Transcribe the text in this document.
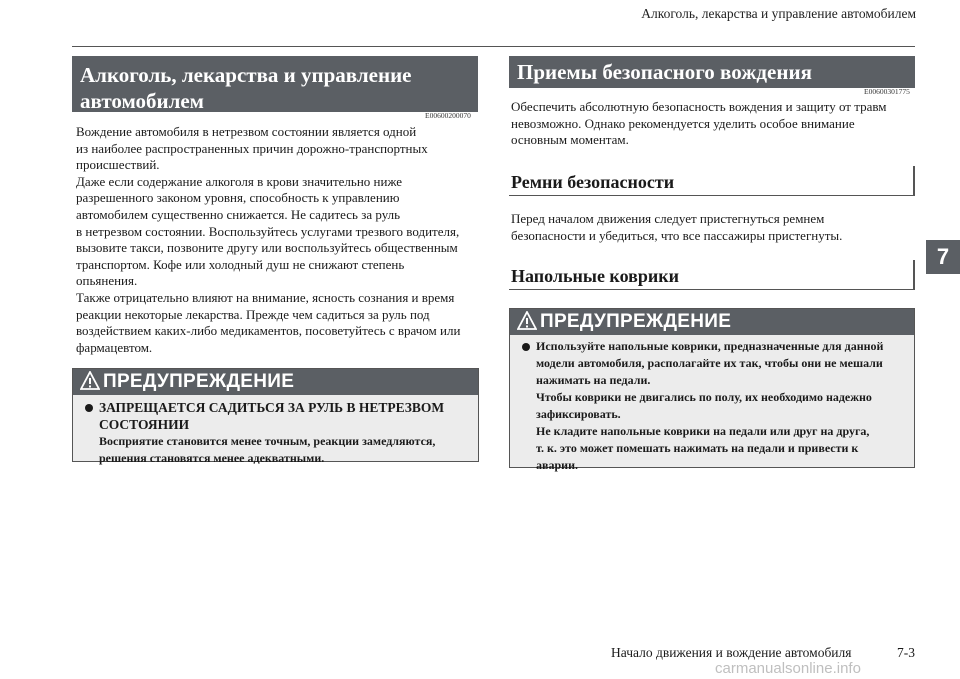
Алкоголь, лекарства и управление автомобилем
7
Алкоголь, лекарства и управление
автомобилем
E00600200070

Вождение автомобиля в нетрезвом состоянии является одной

из наиболее распространенных причин дорожно-транспортных

происшествий.

Даже если содержание алкоголя в крови значительно ниже

разрешенного законом уровня, способность к управлению

автомобилем существенно снижается. Не садитесь за руль

в нетрезвом состоянии. Воспользуйтесь услугами трезвого водителя,

вызовите такси, позвоните другу или воспользуйтесь общественным

транспортом. Кофе или холодный душ не снижают степень

опьянения.

Также отрицательно влияют на внимание, ясность сознания и время

реакции некоторые лекарства. Прежде чем садиться за руль под

воздействием каких-либо медикаментов, посоветуйтесь с врачом или

фармацевтом.

ПРЕДУПРЕЖДЕНИЕ
ЗАПРЕЩАЕТСЯ САДИТЬСЯ ЗА РУЛЬ В НЕТРЕЗВОМ
СОСТОЯНИИ
Восприятие становится менее точным, реакции замедляются,
решения становятся менее адекватными.
Приемы безопасного вождения
E00600301775

Обеспечить абсолютную безопасность вождения и защиту от травм

невозможно. Однако рекомендуется уделить особое внимание

основным моментам.

Ремни безопасности

Перед началом движения следует пристегнуться ремнем

безопасности и убедиться, что все пассажиры пристегнуты.

Напольные коврики
ПРЕДУПРЕЖДЕНИЕ
Используйте напольные коврики, предназначенные для данной
модели автомобиля, располагайте их так, чтобы они не мешали
нажимать на педали.
Чтобы коврики не двигались по полу, их необходимо надежно
зафиксировать.
Не кладите напольные коврики на педали или друг на друга,
т. к. это может помешать нажимать на педали и привести к
аварии.
Начало движения и вождение автомобиля	7-3
carmanualsonline.info
